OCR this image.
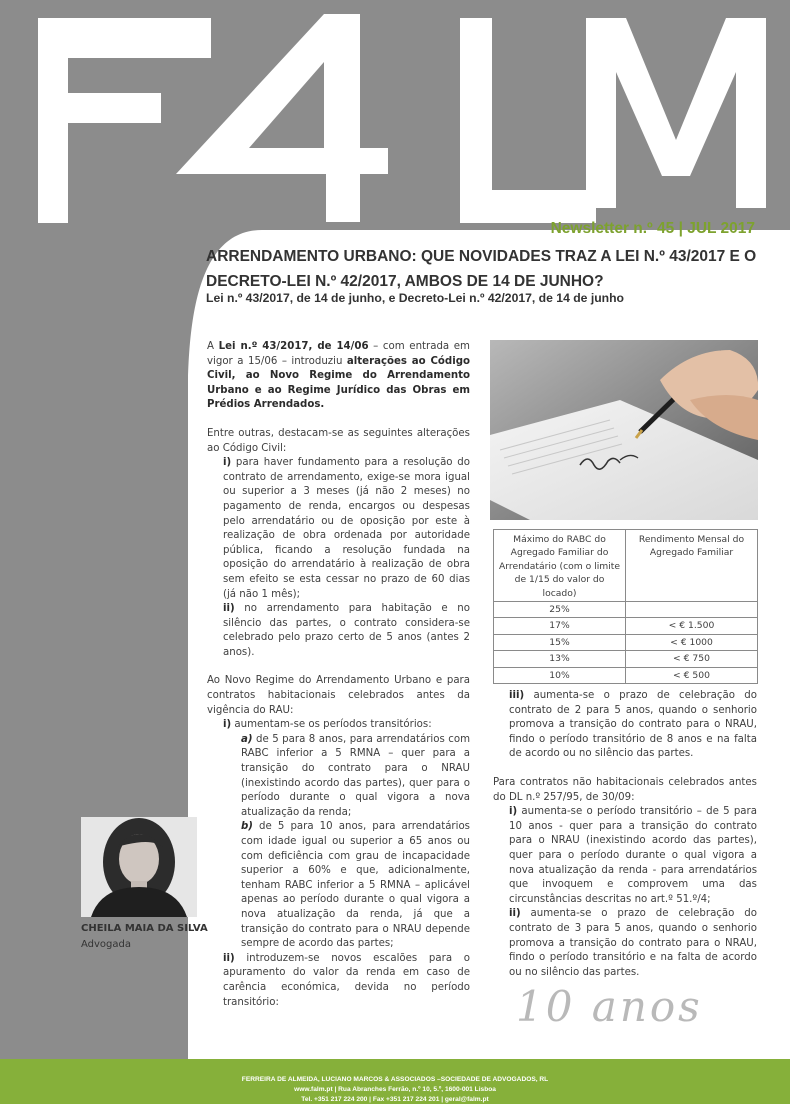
Newsletter n.º 45 | JUL 2017
ARRENDAMENTO URBANO: QUE NOVIDADES TRAZ A LEI N.º 43/2017 E O
DECRETO-LEI N.º 42/2017, AMBOS DE 14 DE JUNHO?

Lei n.º 43/2017, de 14 de junho, e Decreto-Lei n.º 42/2017, de 14 de junho

A Lei n.º 43/2017, de 14/06 – com entrada em vigor a 15/06 – introduziu alterações ao Código Civil, ao Novo Regime do Arrendamento Urbano e ao Regime Jurídico das Obras em Prédios Arrendados.

Entre outras, destacam-se as seguintes alterações ao Código Civil:

i) para haver fundamento para a resolução do contrato de arrendamento, exige-se mora igual ou superior a 3 meses (já não 2 meses) no pagamento de renda, encargos ou despesas pelo arrendatário ou de oposição por este à realização de obra ordenada por autoridade pública, ficando a resolução fundada na oposição do arrendatário à realização de obra sem efeito se esta cessar no prazo de 60 dias (já não 1 mês);

ii) no arrendamento para habitação e no silêncio das partes, o contrato considera-se celebrado pelo prazo certo de 5 anos (antes 2 anos).

Ao Novo Regime do Arrendamento Urbano e para contratos habitacionais celebrados antes da vigência do RAU:

i) aumentam-se os períodos transitórios:

a) de 5 para 8 anos, para arrendatários com RABC inferior a 5 RMNA – quer para a transição do contrato para o NRAU (inexistindo acordo das partes), quer para o período durante o qual vigora a nova atualização da renda;

b) de 5 para 10 anos, para arrendatários com idade igual ou superior a 65 anos ou com deficiência com grau de incapacidade superior a 60% e que, adicionalmente, tenham RABC inferior a 5 RMNA – aplicável apenas ao período durante o qual vigora a nova atualização da renda, já que a transição do contrato para o NRAU depende sempre de acordo das partes;

ii) introduzem-se novos escalões para o apuramento do valor da renda em caso de carência económica, devida no período transitório:

Máximo do RABC do Agregado Familiar do Arrendatário (com o limite de 1/15 do valor do locado)	Rendimento Mensal do Agregado Familiar
25%	
17%	< € 1.500
15%	< € 1000
13%	< € 750
10%	< € 500

iii) aumenta-se o prazo de celebração do contrato de 2 para 5 anos, quando o senhorio promova a transição do contrato para o NRAU, findo o período transitório de 8 anos e na falta de acordo ou no silêncio das partes.

Para contratos não habitacionais celebrados antes do DL n.º 257/95, de 30/09:

i) aumenta-se o período transitório – de 5 para 10 anos - quer para a transição do contrato para o NRAU (inexistindo acordo das partes), quer para o período durante o qual vigora a nova atualização da renda - para arrendatários que invoquem e comprovem uma das circunstâncias descritas no art.º 51.º/4;

ii) aumenta-se o prazo de celebração do contrato de 3 para 5 anos, quando o senhorio promova a transição do contrato para o NRAU, findo o período transitório e na falta de acordo ou no silêncio das partes.

CHEILA MAIA DA SILVA
Advogada
10 anos
FERREIRA DE ALMEIDA, LUCIANO MARCOS & ASSOCIADOS –SOCIEDADE DE ADVOGADOS, RL
www.falm.pt | Rua Abranches Ferrão, n.º 10, 5.º, 1600-001 Lisboa
Tel. +351 217 224 200 | Fax +351 217 224 201 | geral@falm.pt
